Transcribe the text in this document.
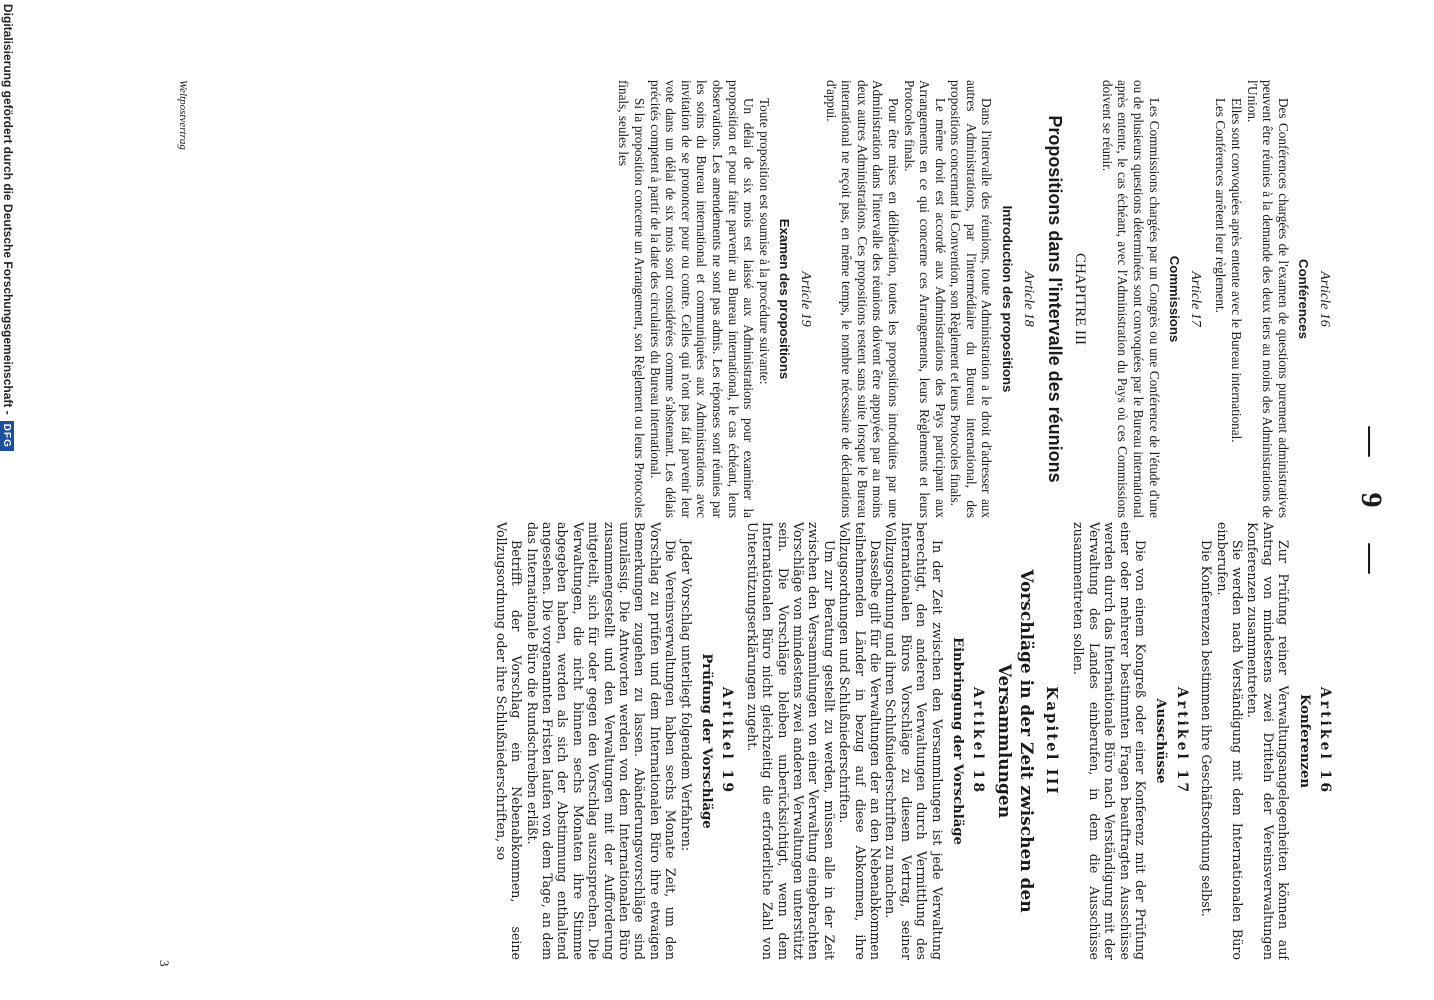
—9—
Article 16
Conférences

Des Conférences chargées de l'examen de questions purement administratives peuvent être réunies à la demande des deux tiers au moins des Administrations de l'Union.

Elles sont convoquées après entente avec le Bureau international.

Les Conférences arrêtent leur règlement.

Article 17
Commissions

Les Commissions chargées par un Congrès ou une Conférence de l'étude d'une ou de plusieurs questions déterminées sont convoquées par le Bureau international après entente, le cas échéant, avec l'Administration du Pays où ces Commissions doivent se réunir.

CHAPITRE III
Propositions dans l'intervalle des réunions
Article 18
Introduction des propositions

Dans l'intervalle des réunions, toute Administration a le droit d'adresser aux autres Administrations, par l'intermédiaire du Bureau international, des propositions concernant la Convention, son Règlement et leurs Protocoles finals.

Le même droit est accordé aux Administrations des Pays participant aux Arrangements en ce qui concerne ces Arrangements, leurs Règlements et leurs Protocoles finals.

Pour être mises en délibération, toutes les propositions introduites par une Administration dans l'intervalle des réunions doivent être appuyées par au moins deux autres Administrations. Ces propositions restent sans suite lorsque le Bureau international ne reçoit pas, en même temps, le nombre nécessaire de déclarations d'appui.

Article 19
Examen des propositions

Toute proposition est soumise à la procédure suivante:

Un délai de six mois est laissé aux Administrations pour examiner la proposition et pour faire parvenir au Bureau international, le cas échéant, leurs observations. Les amendements ne sont pas admis. Les réponses sont réunies par les soins du Bureau international et communiquées aux Administrations avec invitation de se prononcer pour ou contre. Celles qui n'ont pas fait parvenir leur vote dans un délai de six mois sont considérées comme s'abstenant. Les délais précités comptent à partir de la date des circulaires du Bureau international.

Si la proposition concerne un Arrangement, son Règlement ou leurs Protocoles finals, seules les

Artikel 16
Konferenzen

Zur Prüfung reiner Verwaltungsangelegenheiten können auf Antrag von mindestens zwei Dritteln der Vereinsverwaltungen Konferenzen zusammentreten.

Sie werden nach Verständigung mit dem Internationalen Büro einberufen.

Die Konferenzen bestimmen ihre Geschäftsordnung selbst.

Artikel 17
Ausschüsse

Die von einem Kongreß oder einer Konferenz mit der Prüfung einer oder mehrerer bestimmten Fragen beauftragten Ausschüsse werden durch das Internationale Büro nach Verständigung mit der Verwaltung des Landes einberufen, in dem die Ausschüsse zusammentreten sollen.

Kapitel III
Vorschläge in der Zeit zwischen den Versammlungen
Artikel 18
Einbringung der Vorschläge

In der Zeit zwischen den Versammlungen ist jede Verwaltung berechtigt, den anderen Verwaltungen durch Vermittlung des Internationalen Büros Vorschläge zu diesem Vertrag, seiner Vollzugsordnung und ihren Schlußniederschriften zu machen.

Dasselbe gilt für die Verwaltungen der an den Nebenabkommen teilnehmenden Länder in bezug auf diese Abkommen, ihre Vollzugsordnungen und Schlußniederschriften.

Um zur Beratung gestellt zu werden, müssen alle in der Zeit zwischen den Versammlungen von einer Verwaltung eingebrachten Vorschläge von mindestens zwei anderen Verwaltungen unterstützt sein. Die Vorschläge bleiben unberücksichtigt, wenn dem Internationalen Büro nicht gleichzeitig die erforderliche Zahl von Unterstützungserklärungen zugeht.

Artikel 19
Prüfung der Vorschläge

Jeder Vorschlag unterliegt folgendem Verfahren:

Die Vereinsverwaltungen haben sechs Monate Zeit, um den Vorschlag zu prüfen und dem Internationalen Büro ihre etwaigen Bemerkungen zugehen zu lassen. Abänderungsvorschläge sind unzulässig. Die Antworten werden von dem Internationalen Büro zusammengestellt und den Verwaltungen mit der Aufforderung mitgeteilt, sich für oder gegen den Vorschlag auszusprechen. Die Verwaltungen, die nicht binnen sechs Monaten ihre Stimme abgegeben haben, werden als sich der Abstimmung enthaltend angesehen. Die vorgenannten Fristen laufen von dem Tage, an dem das Internationale Büro die Rundschreiben erläßt.

Betrifft der Vorschlag ein Nebenabkommen, seine Vollzugsordnung oder ihre Schlußniederschriften, so

Weltpostvertrag
3
Digitalisierung gefördert durch die Deutsche Forschungsgemeinschaft -DFG
